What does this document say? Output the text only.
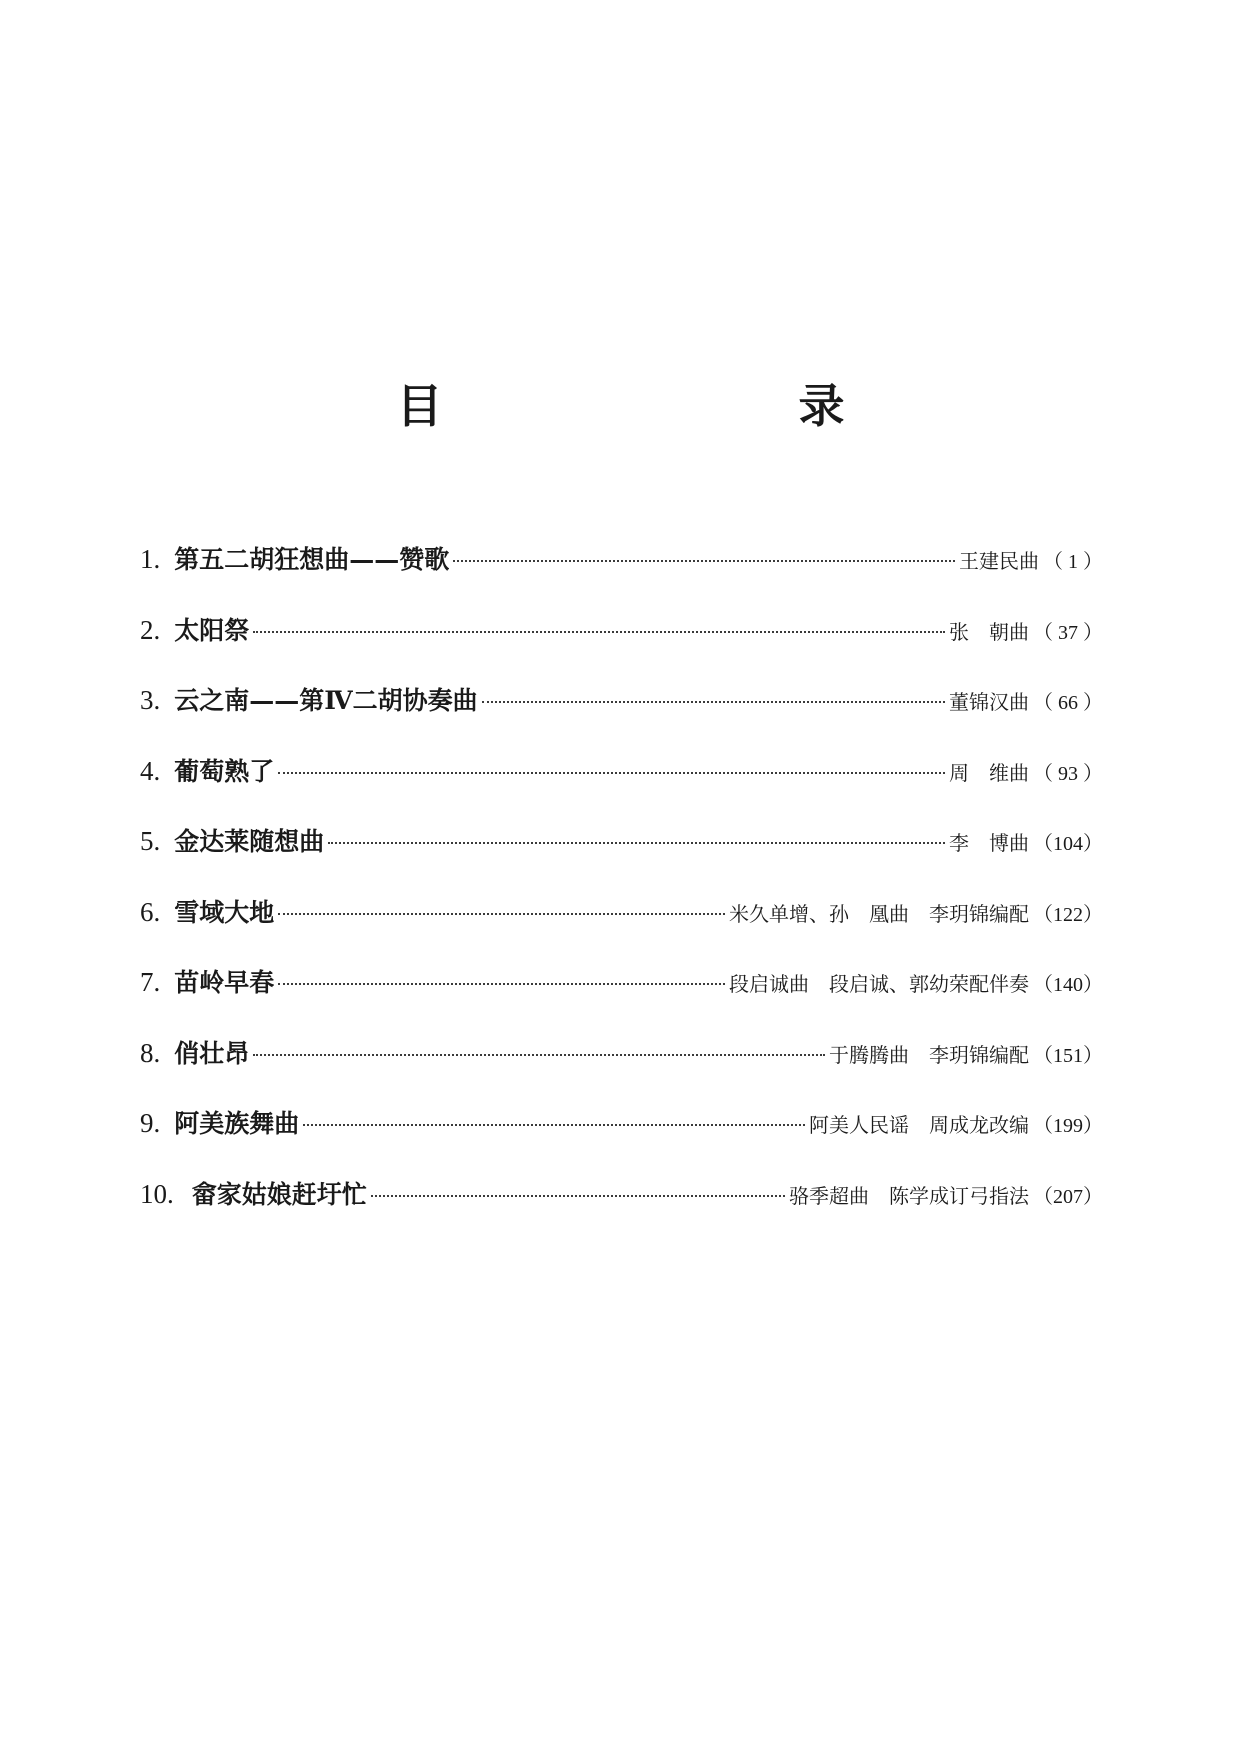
目　　录
1. 第五二胡狂想曲——赞歌	王建民曲 （ 1 ）
2. 太阳祭	张　朝曲 （ 37 ）
3. 云之南——第Ⅳ二胡协奏曲	董锦汉曲 （ 66 ）
4. 葡萄熟了	周　维曲 （ 93 ）
5. 金达莱随想曲	李　博曲 （104）
6. 雪域大地	米久单增、孙　凰曲　李玥锦编配 （122）
7. 苗岭早春	段启诚曲　段启诚、郭幼荣配伴奏 （140）
8. 俏壮昂	于腾腾曲　李玥锦编配 （151）
9. 阿美族舞曲	阿美人民谣　周成龙改编 （199）
10. 畲家姑娘赶圩忙	骆季超曲　陈学成订弓指法 （207）
